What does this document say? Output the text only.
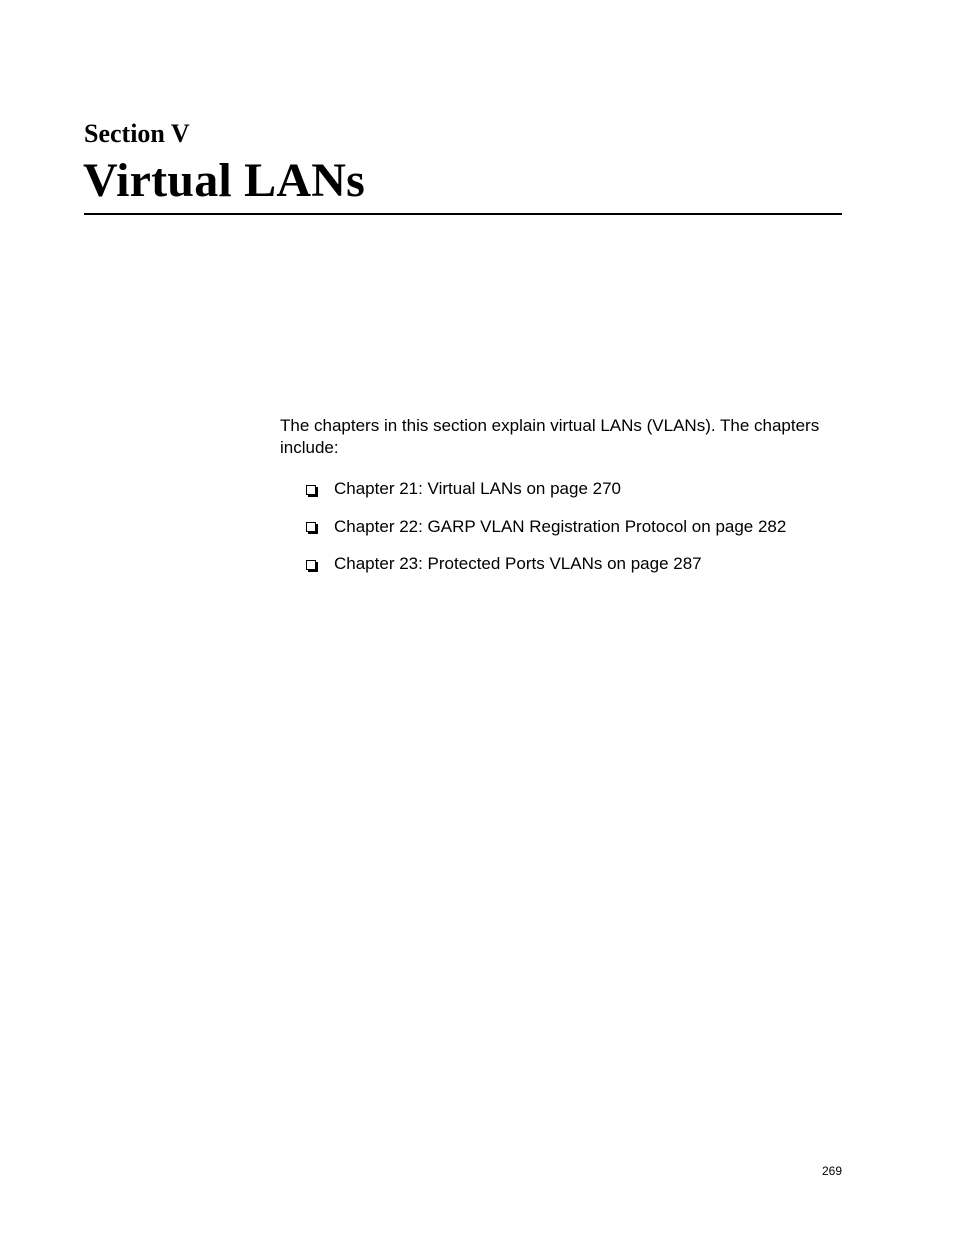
Section V
Virtual LANs

The chapters in this section explain virtual LANs (VLANs). The chapters include:

Chapter 21: Virtual LANs on page 270
Chapter 22: GARP VLAN Registration Protocol on page 282
Chapter 23: Protected Ports VLANs on page 287
269
